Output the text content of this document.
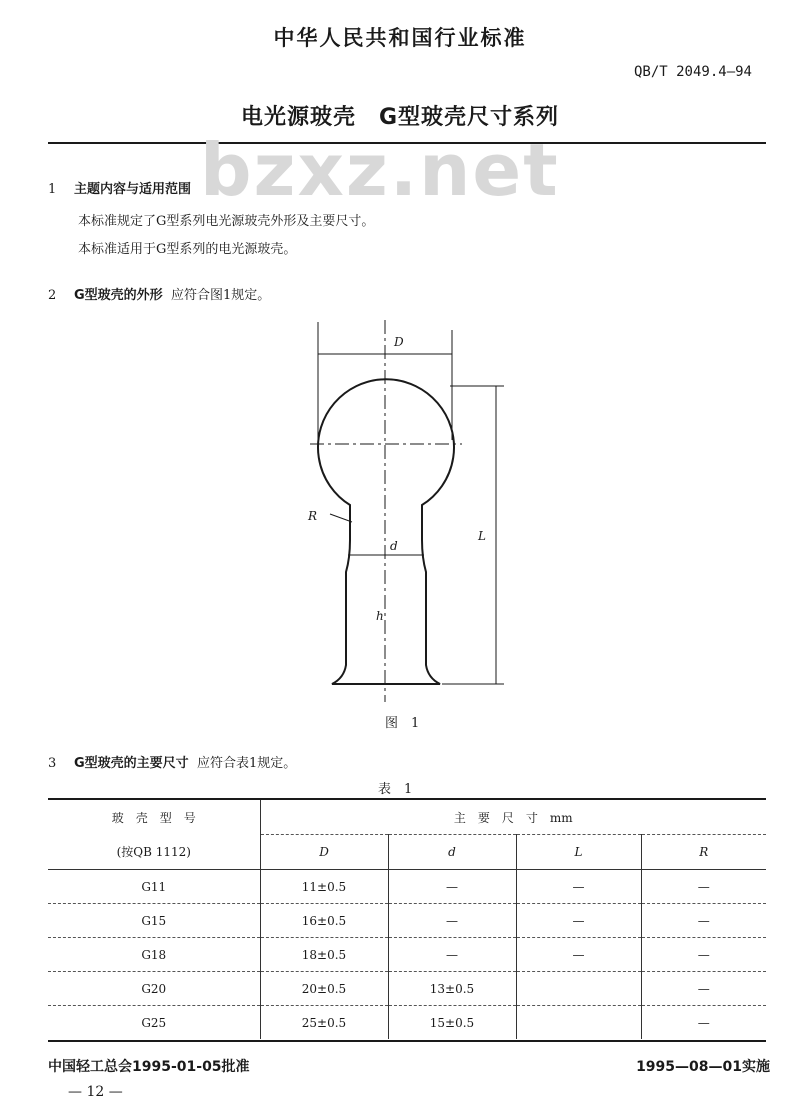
中华人民共和国行业标准
QB/T 2049.4—94
电光源玻壳　G型玻壳尺寸系列
bzxz.net
1 主题内容与适用范围
本标准规定了G型系列电光源玻壳外形及主要尺寸。
本标准适用于G型系列的电光源玻壳。
2 G型玻壳的外形 应符合图1规定。
D
d
L
R
h
图　1
3 G型玻壳的主要尺寸 应符合表1规定。
表　1
玻　壳　型　号	主　要　尺　寸　mm			
(按QB 1112)	D	d	L	R
G11	11±0.5	—	—	—
G15	16±0.5	—	—	—
G18	18±0.5	—	—	—
G20	20±0.5	13±0.5		—
G25	25±0.5	15±0.5		—
中国轻工总会1995-01-05批准	1995—08—01实施
— 12 —
